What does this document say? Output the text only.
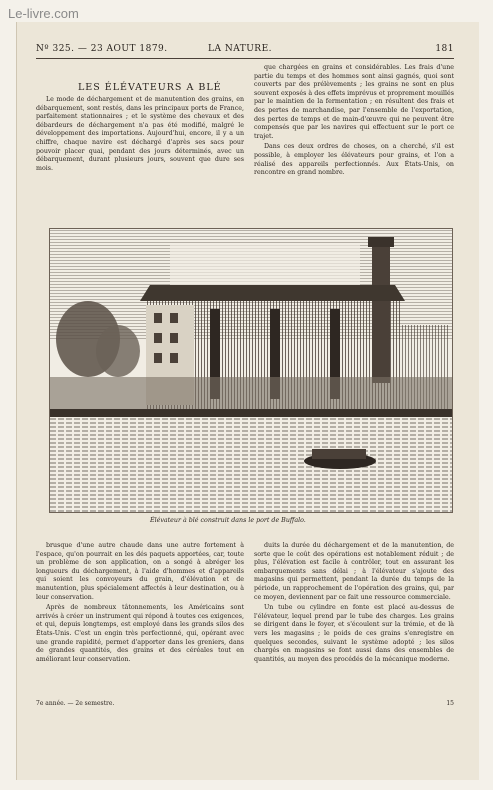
Le-livre.com
Nº 325. — 23 AOUT 1879.	LA NATURE.	181
LES ÉLÉVATEURS A BLÉ

Le mode de déchargement et de manutention des grains, en débarquement, sont restés, dans les principaux ports de France, parfaitement stationnaires ; et le système des chevaux et des débardeurs de déchargement n'a pas été modifié, malgré le développement des importations. Aujourd'hui, encore, il y a un chiffre, chaque navire est déchargé d'après ses sacs pour pouvoir placer quai, pendant des jours déterminés, avec un débarquement, durant plusieurs jours, souvent que dure ses mois.

que chargées en grains et considérables. Les frais d'une partie du temps et des hommes sont ainsi gagnés, quoi sont couverts par des prélèvements ; les grains ne sont en plus souvent exposés à des effets imprévus et proprement mouillés par le maintien de la fermentation ; en résultent des frais et des pertes de marchandise, par l'ensemble de l'exportation, des pertes de temps et de main-d'œuvre qui ne peuvent être compensés que par les navires qui effectuent sur le port ce trajet.

Dans ces deux ordres de choses, on a cherché, s'il est possible, à employer les élévateurs pour grains, et l'on a réalisé des appareils perfectionnés. Aux États-Unis, on rencontre en grand nombre.

Élévateur à blé construit dans le port de Buffalo.

brusque d'une autre chaude dans une autre fortement à l'espace, qu'on pourrait en les dés paquets apportées, car, toute un problème de son application, on a songé à abréger les longueurs du déchargement, à l'aide d'hommes et d'appareils qui soient les convoyeurs du grain, d'élévation et de manutention, plus spécialement affectés à leur destination, ou à leur conservation.

Après de nombreux tâtonnements, les Américains sont arrivés à créer un instrument qui répond à toutes ces exigences, et qui, depuis longtemps, est employé dans les grands silos des États-Unis. C'est un engin très perfectionné, qui, opérant avec une grande rapidité, permet d'apporter dans les greniers, dans de grandes quantités, des grains et des céréales tout en améliorant leur conservation.

duits la durée du déchargement et de la manutention, de sorte que le coût des opérations est notablement réduit ; de plus, l'élévation est facile à contrôler, tout en assurant les embarquements sans délai ; à l'élévateur s'ajoute des magasins qui permettent, pendant la durée du temps de la période, un rapprochement de l'opération des grains, qui, par ce moyen, deviennent par ce fait une ressource commerciale.

Un tube ou cylindre en fonte est placé au-dessus de l'élévateur, lequel prend par le tube des charges. Les grains se dirigent dans le foyer, et s'écoulent sur la trémie, et de là vers les magasins ; le poids de ces grains s'enregistre en quelques secondes, suivant le système adopté ; les silos chargés en magasins se font aussi dans des ensembles de quantités, au moyen des procédés de la mécanique moderne.

7e année. — 2e semestre.	15
